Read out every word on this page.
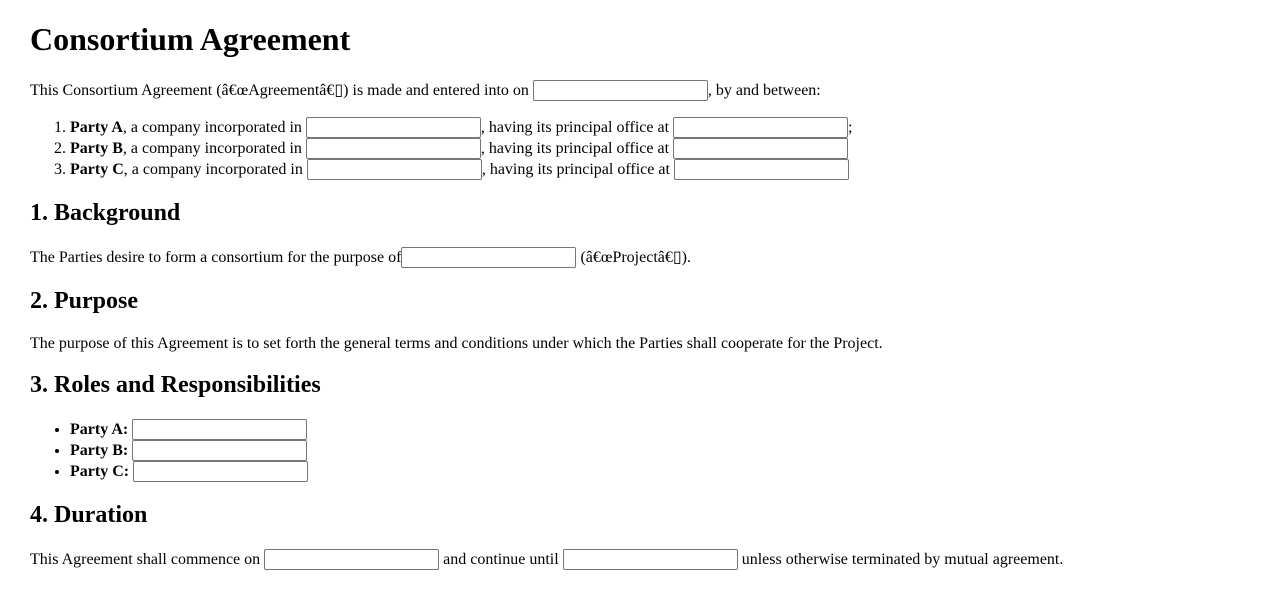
Consortium Agreement

This Consortium Agreement (â€œAgreementâ€▯) is made and entered into on	, by and between:

1. Party A, a company incorporated in	, having its principal office at	;
2. Party B, a company incorporated in	, having its principal office at
3. Party C, a company incorporated in	, having its principal office at
1. Background

The Parties desire to form a consortium for the purpose of	(â€œProjectâ€▯).

2. Purpose

The purpose of this Agreement is to set forth the general terms and conditions under which the Parties shall cooperate for the Project.

3. Roles and Responsibilities
• Party A:
• Party B:
• Party C:
4. Duration

This Agreement shall commence on	and continue until	unless otherwise terminated by mutual agreement.
